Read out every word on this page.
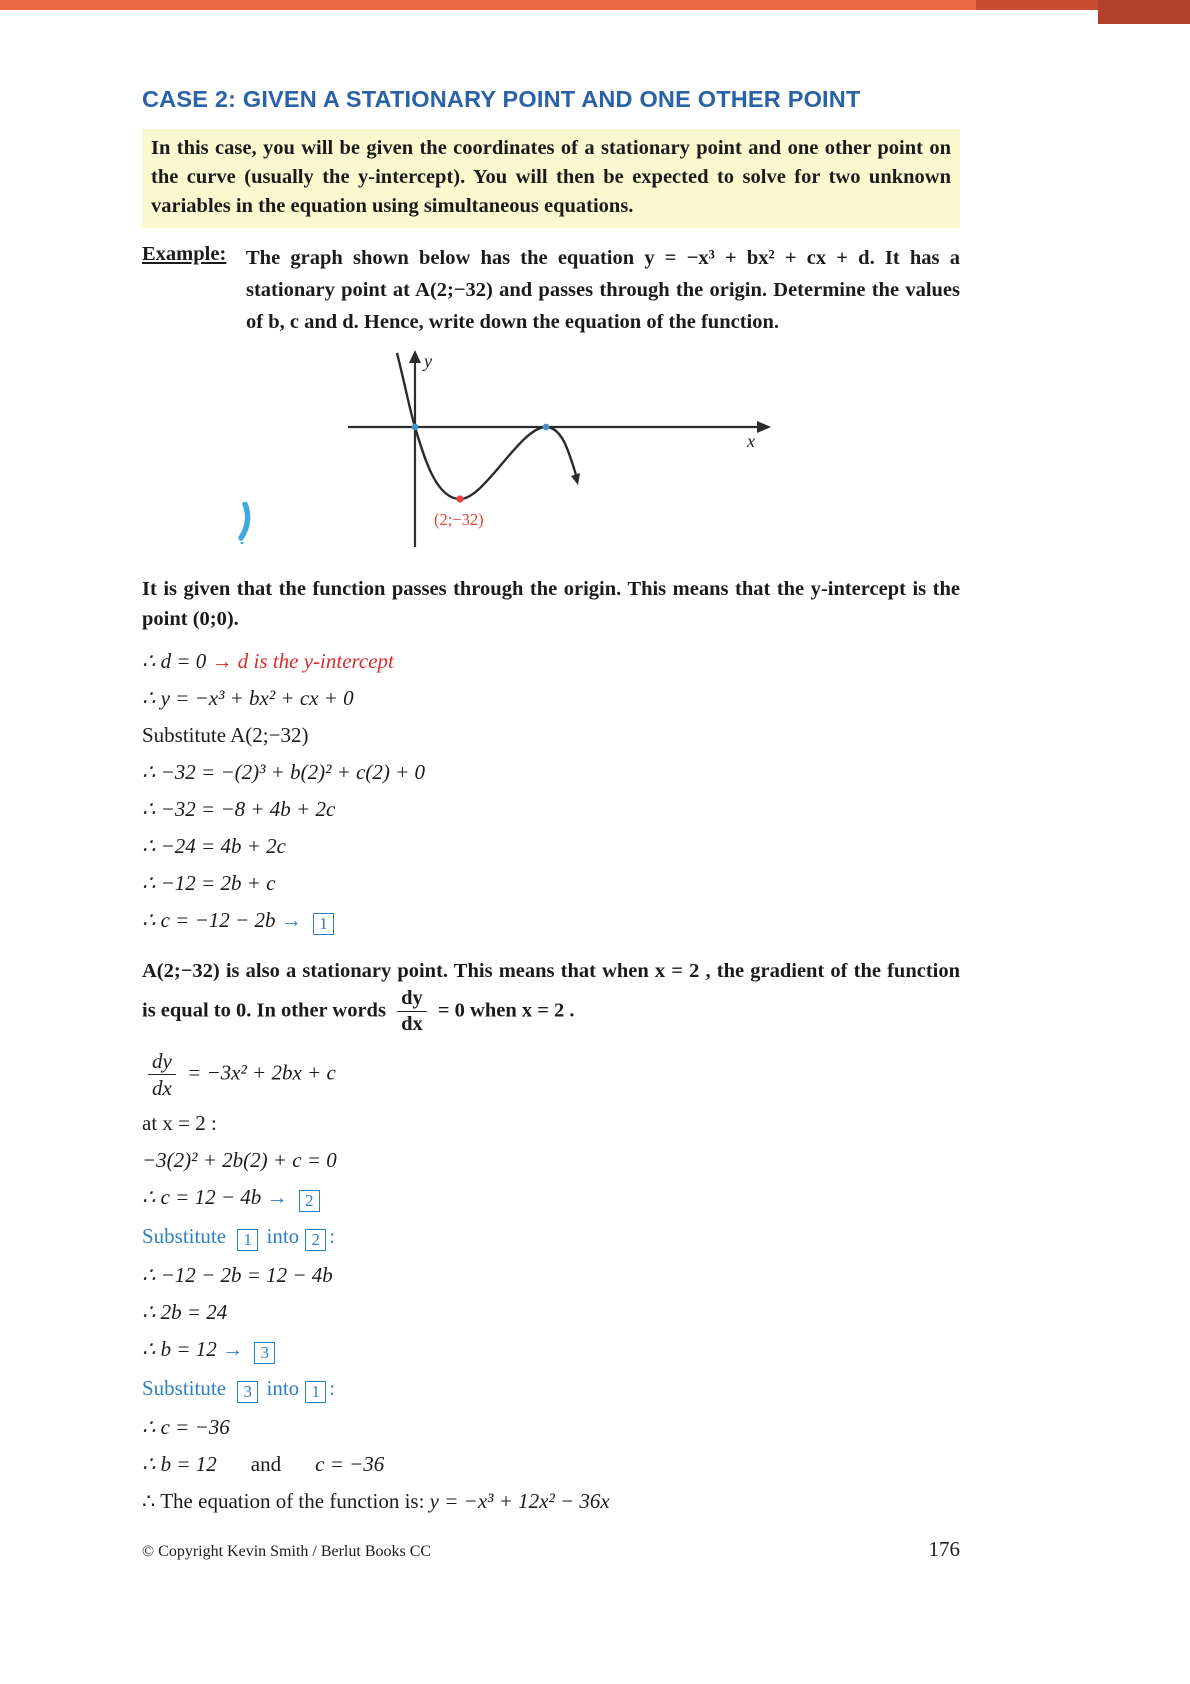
CASE 2: GIVEN A STATIONARY POINT AND ONE OTHER POINT

In this case, you will be given the coordinates of a stationary point and one other point on the curve (usually the y-intercept). You will then be expected to solve for two unknown variables in the equation using simultaneous equations.

Example: The graph shown below has the equation y = −x³ + bx² + cx + d. It has a stationary point at A(2;−32) and passes through the origin. Determine the values of b, c and d. Hence, write down the equation of the function.
y
x
(2;−32)

It is given that the function passes through the origin. This means that the y-intercept is the point (0;0).

∴ d = 0 → d is the y-intercept

∴ y = −x³ + bx² + cx + 0

Substitute A(2;−32)

∴ −32 = −(2)³ + b(2)² + c(2) + 0

∴ −32 = −8 + 4b + 2c

∴ −24 = 4b + 2c

∴ −12 = 2b + c

∴ c = −12 − 2b → 1

A(2;−32) is also a stationary point. This means that when x = 2 , the gradient of the function is equal to 0. In other words $\frac{dy}{dx} = 0$ when x = 2 .

$\frac{dy}{dx} = -3x^2 + 2bx + c$

at x = 2 :

−3(2)² + 2b(2) + c = 0

∴ c = 12 − 4b → 2

Substitute 1 into 2 :

∴ −12 − 2b = 12 − 4b

∴ 2b = 24

∴ b = 12 → 3

Substitute 3 into 1 :

∴ c = −36

∴ b = 12 and c = −36

∴ The equation of the function is: y = −x³ + 12x² − 36x

© Copyright Kevin Smith / Berlut Books CC	176
